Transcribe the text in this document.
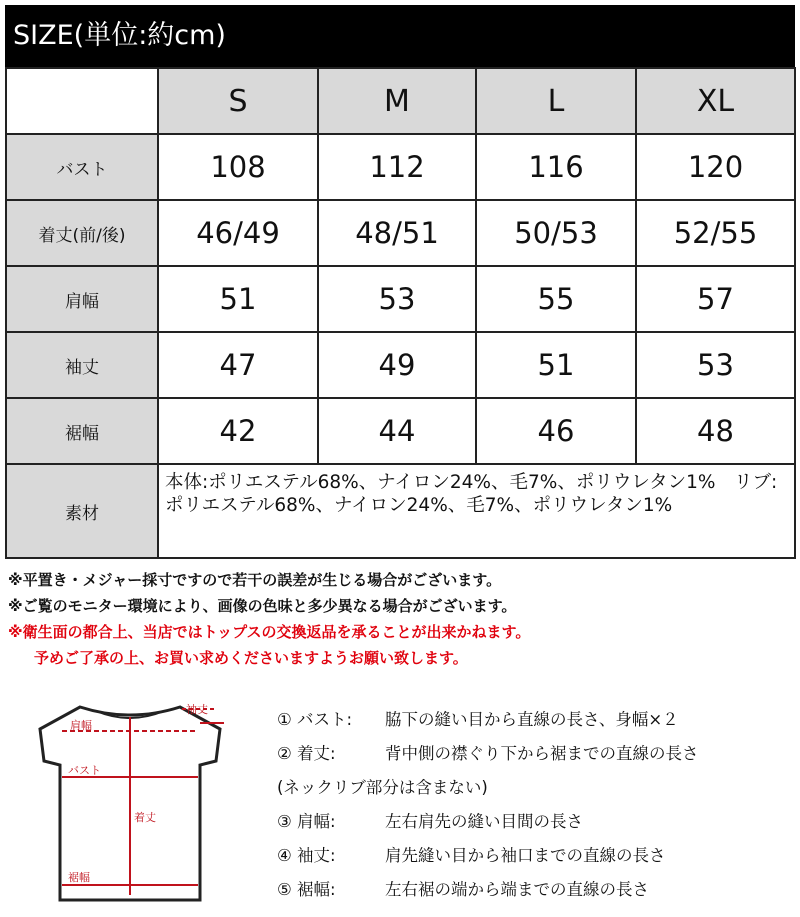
SIZE(単位:約cm)
	S	M	L	XL
バスト	108	112	116	120
着丈(前/後)	46/49	48/51	50/53	52/55
肩幅	51	53	55	57
袖丈	47	49	51	53
裾幅	42	44	46	48
素材	本体:ポリエステル68%、ナイロン24%、毛7%、ポリウレタン1%　リブ:ポリエステル68%、ナイロン24%、毛7%、ポリウレタン1%			
※平置き・メジャー採寸ですので若干の誤差が生じる場合がございます。
※ご覧のモニター環境により、画像の色味と多少異なる場合がございます。
※衛生面の都合上、当店ではトップスの交換返品を承ることが出来かねます。
予めご了承の上、お買い求めくださいますようお願い致します。
袖丈
肩幅
バスト
着丈
裾幅
① バスト: 脇下の縫い目から直線の長さ、身幅×２
② 着丈:	背中側の襟ぐり下から裾までの直線の長さ
(ネックリブ部分は含まない)
③ 肩幅:	左右肩先の縫い目間の長さ
④ 袖丈:	肩先縫い目から袖口までの直線の長さ
⑤ 裾幅:	左右裾の端から端までの直線の長さ
